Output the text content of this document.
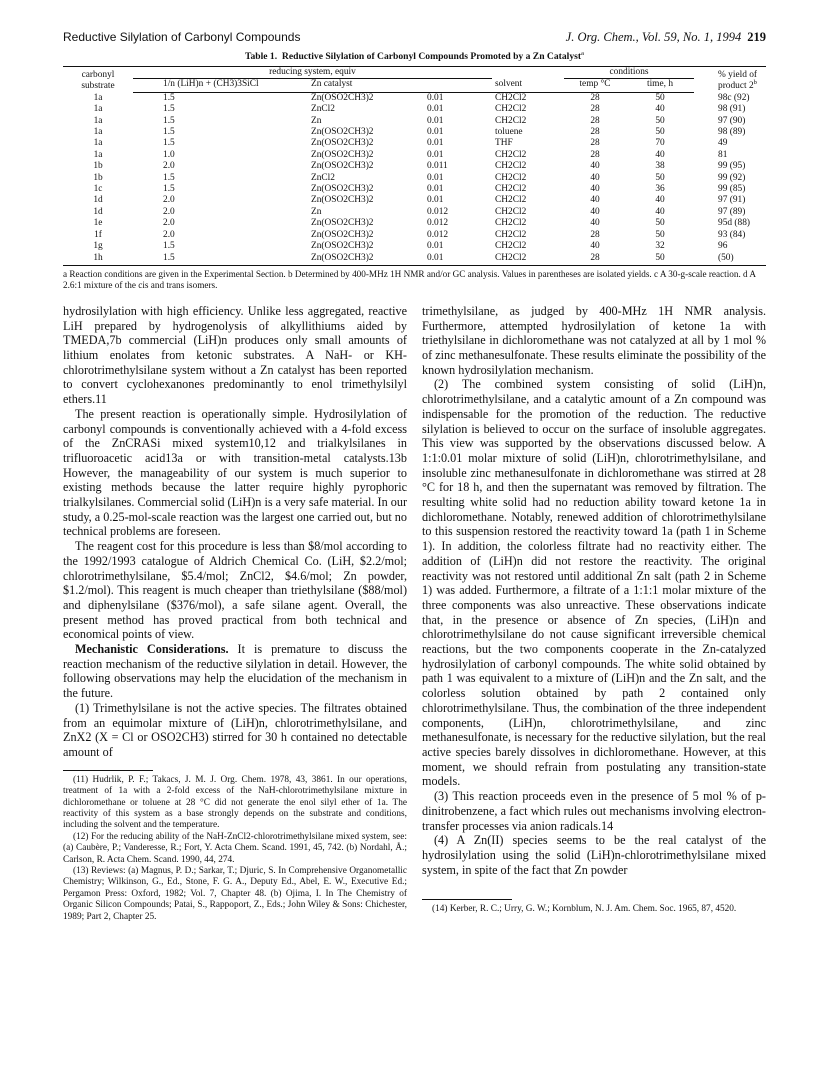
Reductive Silylation of Carbonyl Compounds	J. Org. Chem., Vol. 59, No. 1, 1994 219
Table 1. Reductive Silylation of Carbonyl Compounds Promoted by a Zn Catalyst$^a$
carbonyl
substrate	reducing system, equiv				conditions		% yield of
product 2$^b$
	1/n (LiH)n + (CH3)3SiCl	Zn catalyst		solvent	temp °C	time, h	
1a	1.5	Zn(OSO2CH3)2	0.01	CH2Cl2	28	50	98c (92)
1a	1.5	ZnCl2	0.01	CH2Cl2	28	40	98 (91)
1a	1.5	Zn	0.01	CH2Cl2	28	50	97 (90)
1a	1.5	Zn(OSO2CH3)2	0.01	toluene	28	50	98 (89)
1a	1.5	Zn(OSO2CH3)2	0.01	THF	28	70	49
1a	1.0	Zn(OSO2CH3)2	0.01	CH2Cl2	28	40	81
1b	2.0	Zn(OSO2CH3)2	0.011	CH2Cl2	40	38	99 (95)
1b	1.5	ZnCl2	0.01	CH2Cl2	40	50	99 (92)
1c	1.5	Zn(OSO2CH3)2	0.01	CH2Cl2	40	36	99 (85)
1d	2.0	Zn(OSO2CH3)2	0.01	CH2Cl2	40	40	97 (91)
1d	2.0	Zn	0.012	CH2Cl2	40	40	97 (89)
1e	2.0	Zn(OSO2CH3)2	0.012	CH2Cl2	40	50	95d (88)
1f	2.0	Zn(OSO2CH3)2	0.012	CH2Cl2	28	50	93 (84)
1g	1.5	Zn(OSO2CH3)2	0.01	CH2Cl2	40	32	96
1h	1.5	Zn(OSO2CH3)2	0.01	CH2Cl2	28	50	(50)
a Reaction conditions are given in the Experimental Section. b Determined by 400-MHz 1H NMR and/or GC analysis. Values in parentheses are isolated yields. c A 30-g-scale reaction. d A 2.6:1 mixture of the cis and trans isomers.

hydrosilylation with high efficiency. Unlike less aggregated, reactive LiH prepared by hydrogenolysis of alkyllithiums aided by TMEDA,7b commercial (LiH)n produces only small amounts of lithium enolates from ketonic substrates. A NaH- or KH-chlorotrimethylsilane system without a Zn catalyst has been reported to convert cyclohexanones predominantly to enol trimethylsilyl ethers.11

The present reaction is operationally simple. Hydrosilylation of carbonyl compounds is conventionally achieved with a 4-fold excess of the ZnCRASi mixed system10,12 and trialkylsilanes in trifluoroacetic acid13a or with transition-metal catalysts.13b However, the manageability of our system is much superior to existing methods because the latter require highly pyrophoric trialkylsilanes. Commercial solid (LiH)n is a very safe material. In our study, a 0.25-mol-scale reaction was the largest one carried out, but no technical problems are foreseen.

The reagent cost for this procedure is less than $8/mol according to the 1992/1993 catalogue of Aldrich Chemical Co. (LiH, $2.2/mol; chlorotrimethylsilane, $5.4/mol; ZnCl2, $4.6/mol; Zn powder, $1.2/mol). This reagent is much cheaper than triethylsilane ($88/mol) and diphenylsilane ($376/mol), a safe silane agent. Overall, the present method has proved practical from both technical and economical points of view.

Mechanistic Considerations. It is premature to discuss the reaction mechanism of the reductive silylation in detail. However, the following observations may help the elucidation of the mechanism in the future.

(1) Trimethylsilane is not the active species. The filtrates obtained from an equimolar mixture of (LiH)n, chlorotrimethylsilane, and ZnX2 (X = Cl or OSO2CH3) stirred for 30 h contained no detectable amount of

(11) Hudrlik, P. F.; Takacs, J. M. J. Org. Chem. 1978, 43, 3861. In our operations, treatment of 1a with a 2-fold excess of the NaH-chlorotrimethylsilane mixture in dichloromethane or toluene at 28 °C did not generate the enol silyl ether of 1a. The reactivity of this system as a base strongly depends on the substrate and conditions, including the solvent and the temperature.

(12) For the reducing ability of the NaH-ZnCl2-chlorotrimethylsilane mixed system, see: (a) Caubère, P.; Vanderesse, R.; Fort, Y. Acta Chem. Scand. 1991, 45, 742. (b) Nordahl, Å.; Carlson, R. Acta Chem. Scand. 1990, 44, 274.

(13) Reviews: (a) Magnus, P. D.; Sarkar, T.; Djuric, S. In Comprehensive Organometallic Chemistry; Wilkinson, G., Ed., Stone, F. G. A., Deputy Ed., Abel, E. W., Executive Ed.; Pergamon Press: Oxford, 1982; Vol. 7, Chapter 48. (b) Ojima, I. In The Chemistry of Organic Silicon Compounds; Patai, S., Rappoport, Z., Eds.; John Wiley & Sons: Chichester, 1989; Part 2, Chapter 25.

trimethylsilane, as judged by 400-MHz 1H NMR analysis. Furthermore, attempted hydrosilylation of ketone 1a with triethylsilane in dichloromethane was not catalyzed at all by 1 mol % of zinc methanesulfonate. These results eliminate the possibility of the known hydrosilylation mechanism.

(2) The combined system consisting of solid (LiH)n, chlorotrimethylsilane, and a catalytic amount of a Zn compound was indispensable for the promotion of the reduction. The reductive silylation is believed to occur on the surface of insoluble aggregates. This view was supported by the observations discussed below. A 1:1:0.01 molar mixture of solid (LiH)n, chlorotrimethylsilane, and insoluble zinc methanesulfonate in dichloromethane was stirred at 28 °C for 18 h, and then the supernatant was removed by filtration. The resulting white solid had no reduction ability toward ketone 1a in dichloromethane. Notably, renewed addition of chlorotrimethylsilane to this suspension restored the reactivity toward 1a (path 1 in Scheme 1). In addition, the colorless filtrate had no reactivity either. The addition of (LiH)n did not restore the reactivity. The original reactivity was not restored until additional Zn salt (path 2 in Scheme 1) was added. Furthermore, a filtrate of a 1:1:1 molar mixture of the three components was also unreactive. These observations indicate that, in the presence or absence of Zn species, (LiH)n and chlorotrimethylsilane do not cause significant irreversible chemical reactions, but the two components cooperate in the Zn-catalyzed hydrosilylation of carbonyl compounds. The white solid obtained by path 1 was equivalent to a mixture of (LiH)n and the Zn salt, and the colorless solution obtained by path 2 contained only chlorotrimethylsilane. Thus, the combination of the three independent components, (LiH)n, chlorotrimethylsilane, and zinc methanesulfonate, is necessary for the reductive silylation, but the real active species barely dissolves in dichloromethane. However, at this moment, we should refrain from postulating any transition-state models.

(3) This reaction proceeds even in the presence of 5 mol % of p-dinitrobenzene, a fact which rules out mechanisms involving electron-transfer processes via anion radicals.14

(4) A Zn(II) species seems to be the real catalyst of the hydrosilylation using the solid (LiH)n-chlorotrimethylsilane mixed system, in spite of the fact that Zn powder

(14) Kerber, R. C.; Urry, G. W.; Kornblum, N. J. Am. Chem. Soc. 1965, 87, 4520.
